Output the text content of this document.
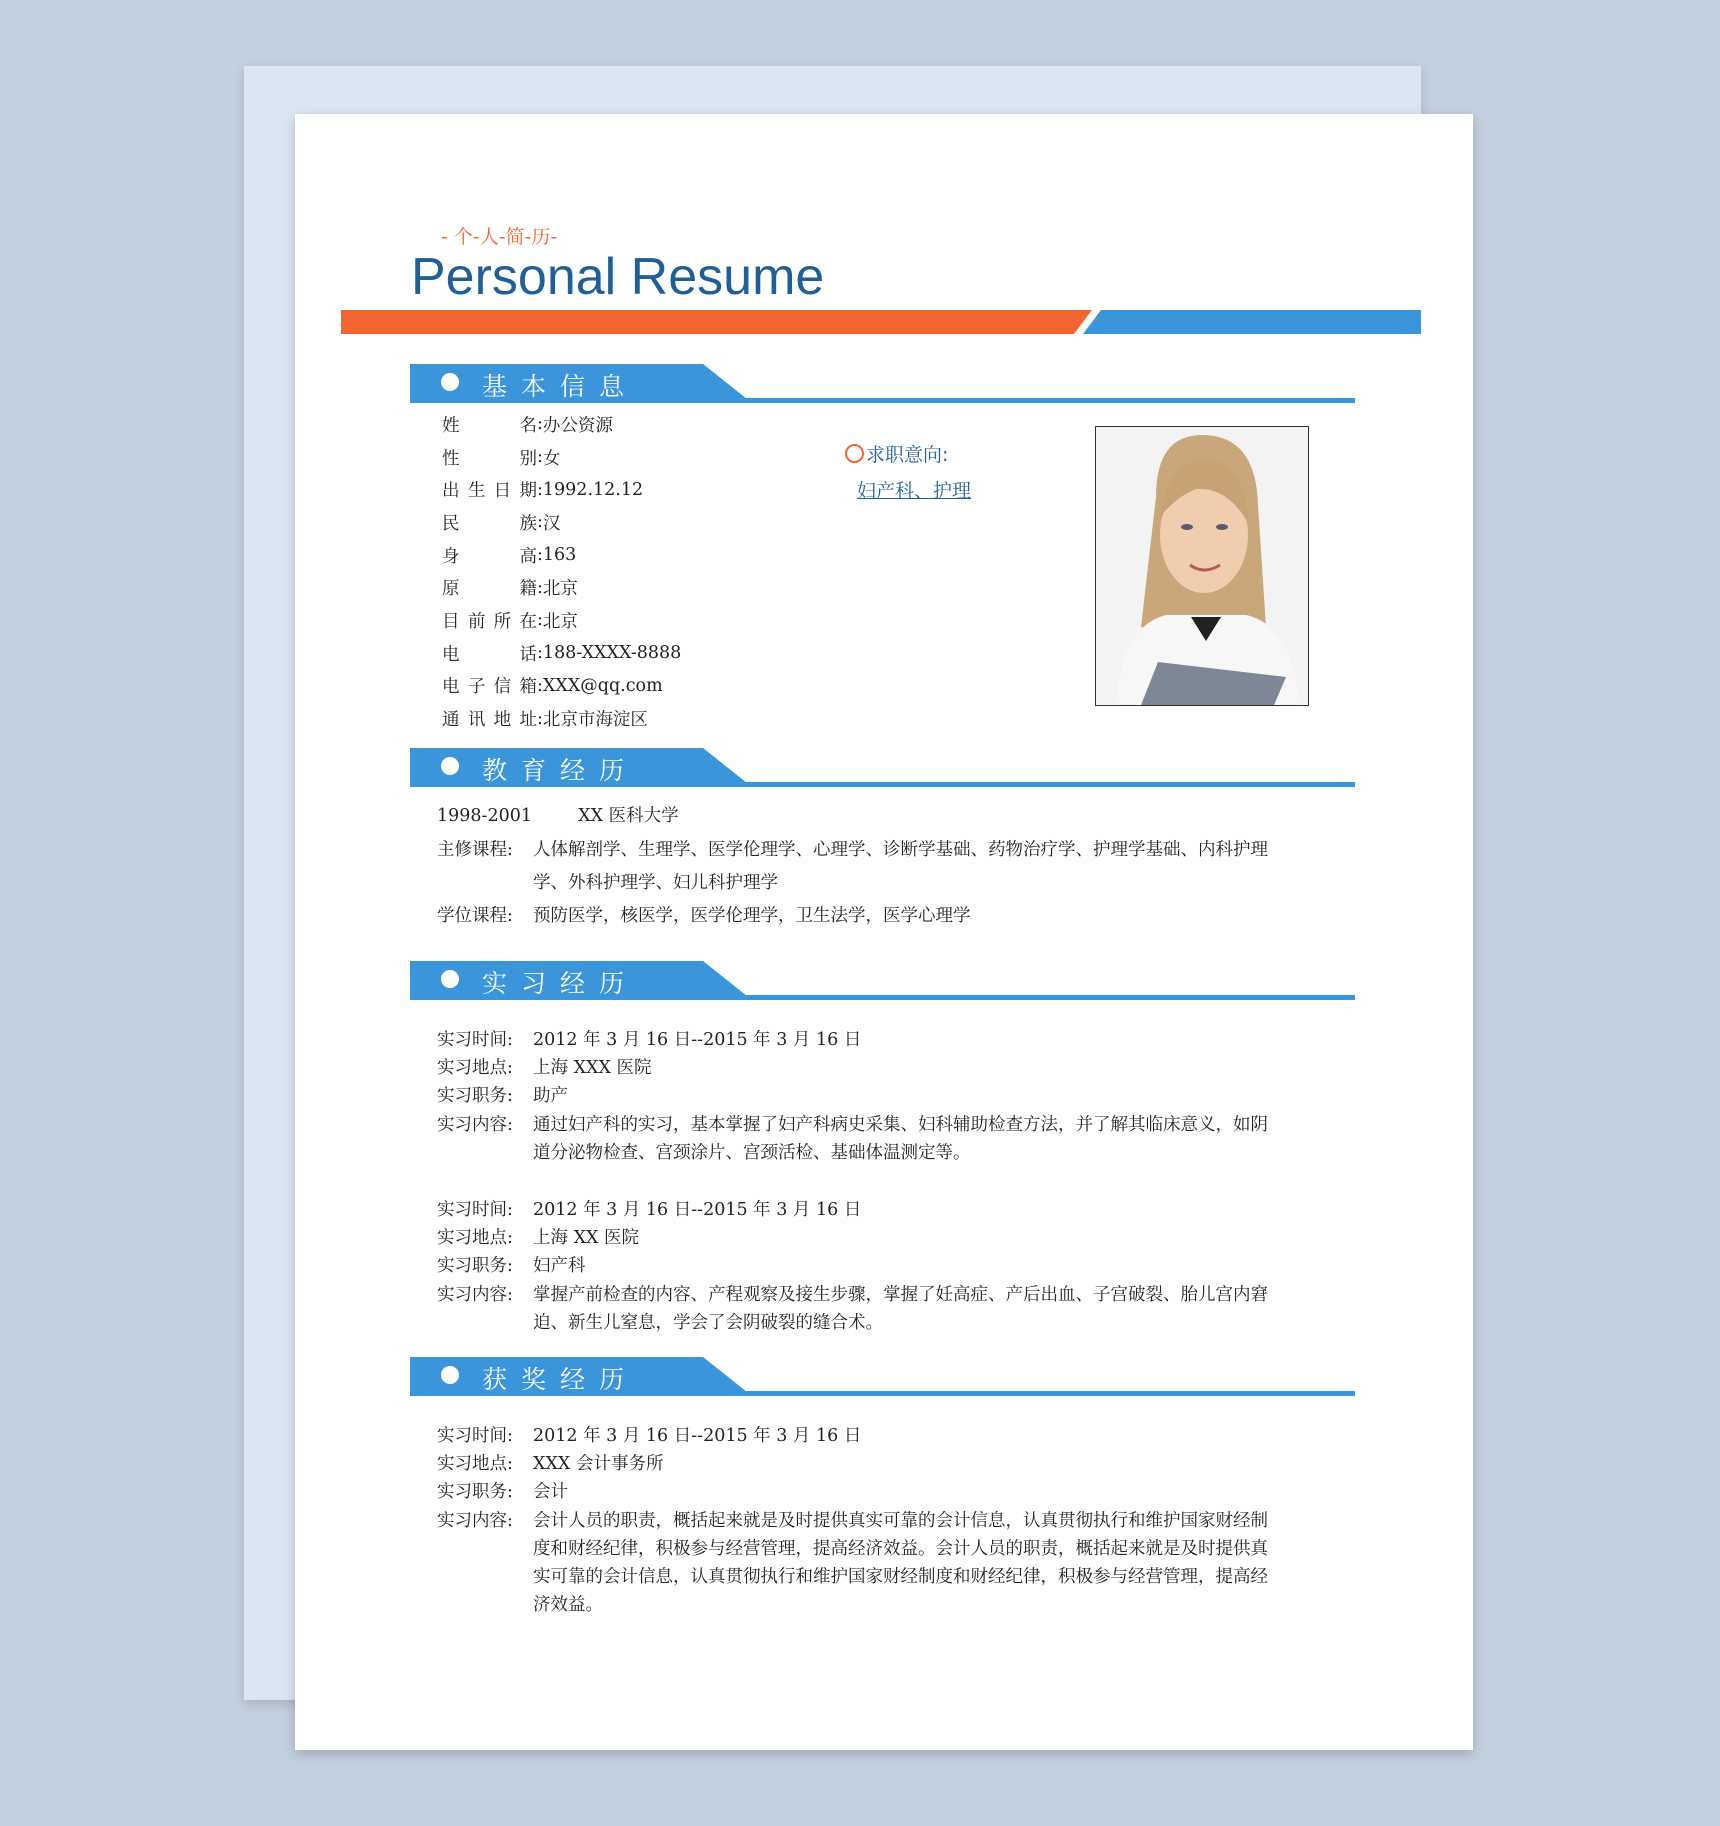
- 个-人-简-历-
Personal Resume
基本信息
姓名 : 办公资源
性别 : 女
出生日期 : 1992.12.12
民族 : 汉
身高 : 163
原籍 : 北京
目前所在 : 北京
电话 : 188-XXXX-8888
电子信箱 : XXX@qq.com
通讯地址 : 北京市海淀区
求职意向:
妇产科、护理
教育经历
1998-2001	XX 医科大学
主修课程:	人体解剖学、生理学、医学伦理学、心理学、诊断学基础、药物治疗学、护理学基础、内科护理学、外科护理学、妇儿科护理学
学位课程:	预防医学，核医学，医学伦理学，卫生法学，医学心理学
实习经历
实习时间:	2012 年 3 月 16 日--2015 年 3 月 16 日
实习地点:	上海 XXX 医院
实习职务:	助产
实习内容:	通过妇产科的实习，基本掌握了妇产科病史采集、妇科辅助检查方法，并了解其临床意义，如阴道分泌物检查、宫颈涂片、宫颈活检、基础体温测定等。
实习时间:	2012 年 3 月 16 日--2015 年 3 月 16 日
实习地点:	上海 XX 医院
实习职务:	妇产科
实习内容:	掌握产前检查的内容、产程观察及接生步骤，掌握了妊高症、产后出血、子宫破裂、胎儿宫内窘迫、新生儿窒息，学会了会阴破裂的缝合术。
获奖经历
实习时间:	2012 年 3 月 16 日--2015 年 3 月 16 日
实习地点:	XXX 会计事务所
实习职务:	会计
实习内容:	会计人员的职责，概括起来就是及时提供真实可靠的会计信息，认真贯彻执行和维护国家财经制度和财经纪律，积极参与经营管理，提高经济效益。会计人员的职责，概括起来就是及时提供真实可靠的会计信息，认真贯彻执行和维护国家财经制度和财经纪律，积极参与经营管理，提高经济效益。
